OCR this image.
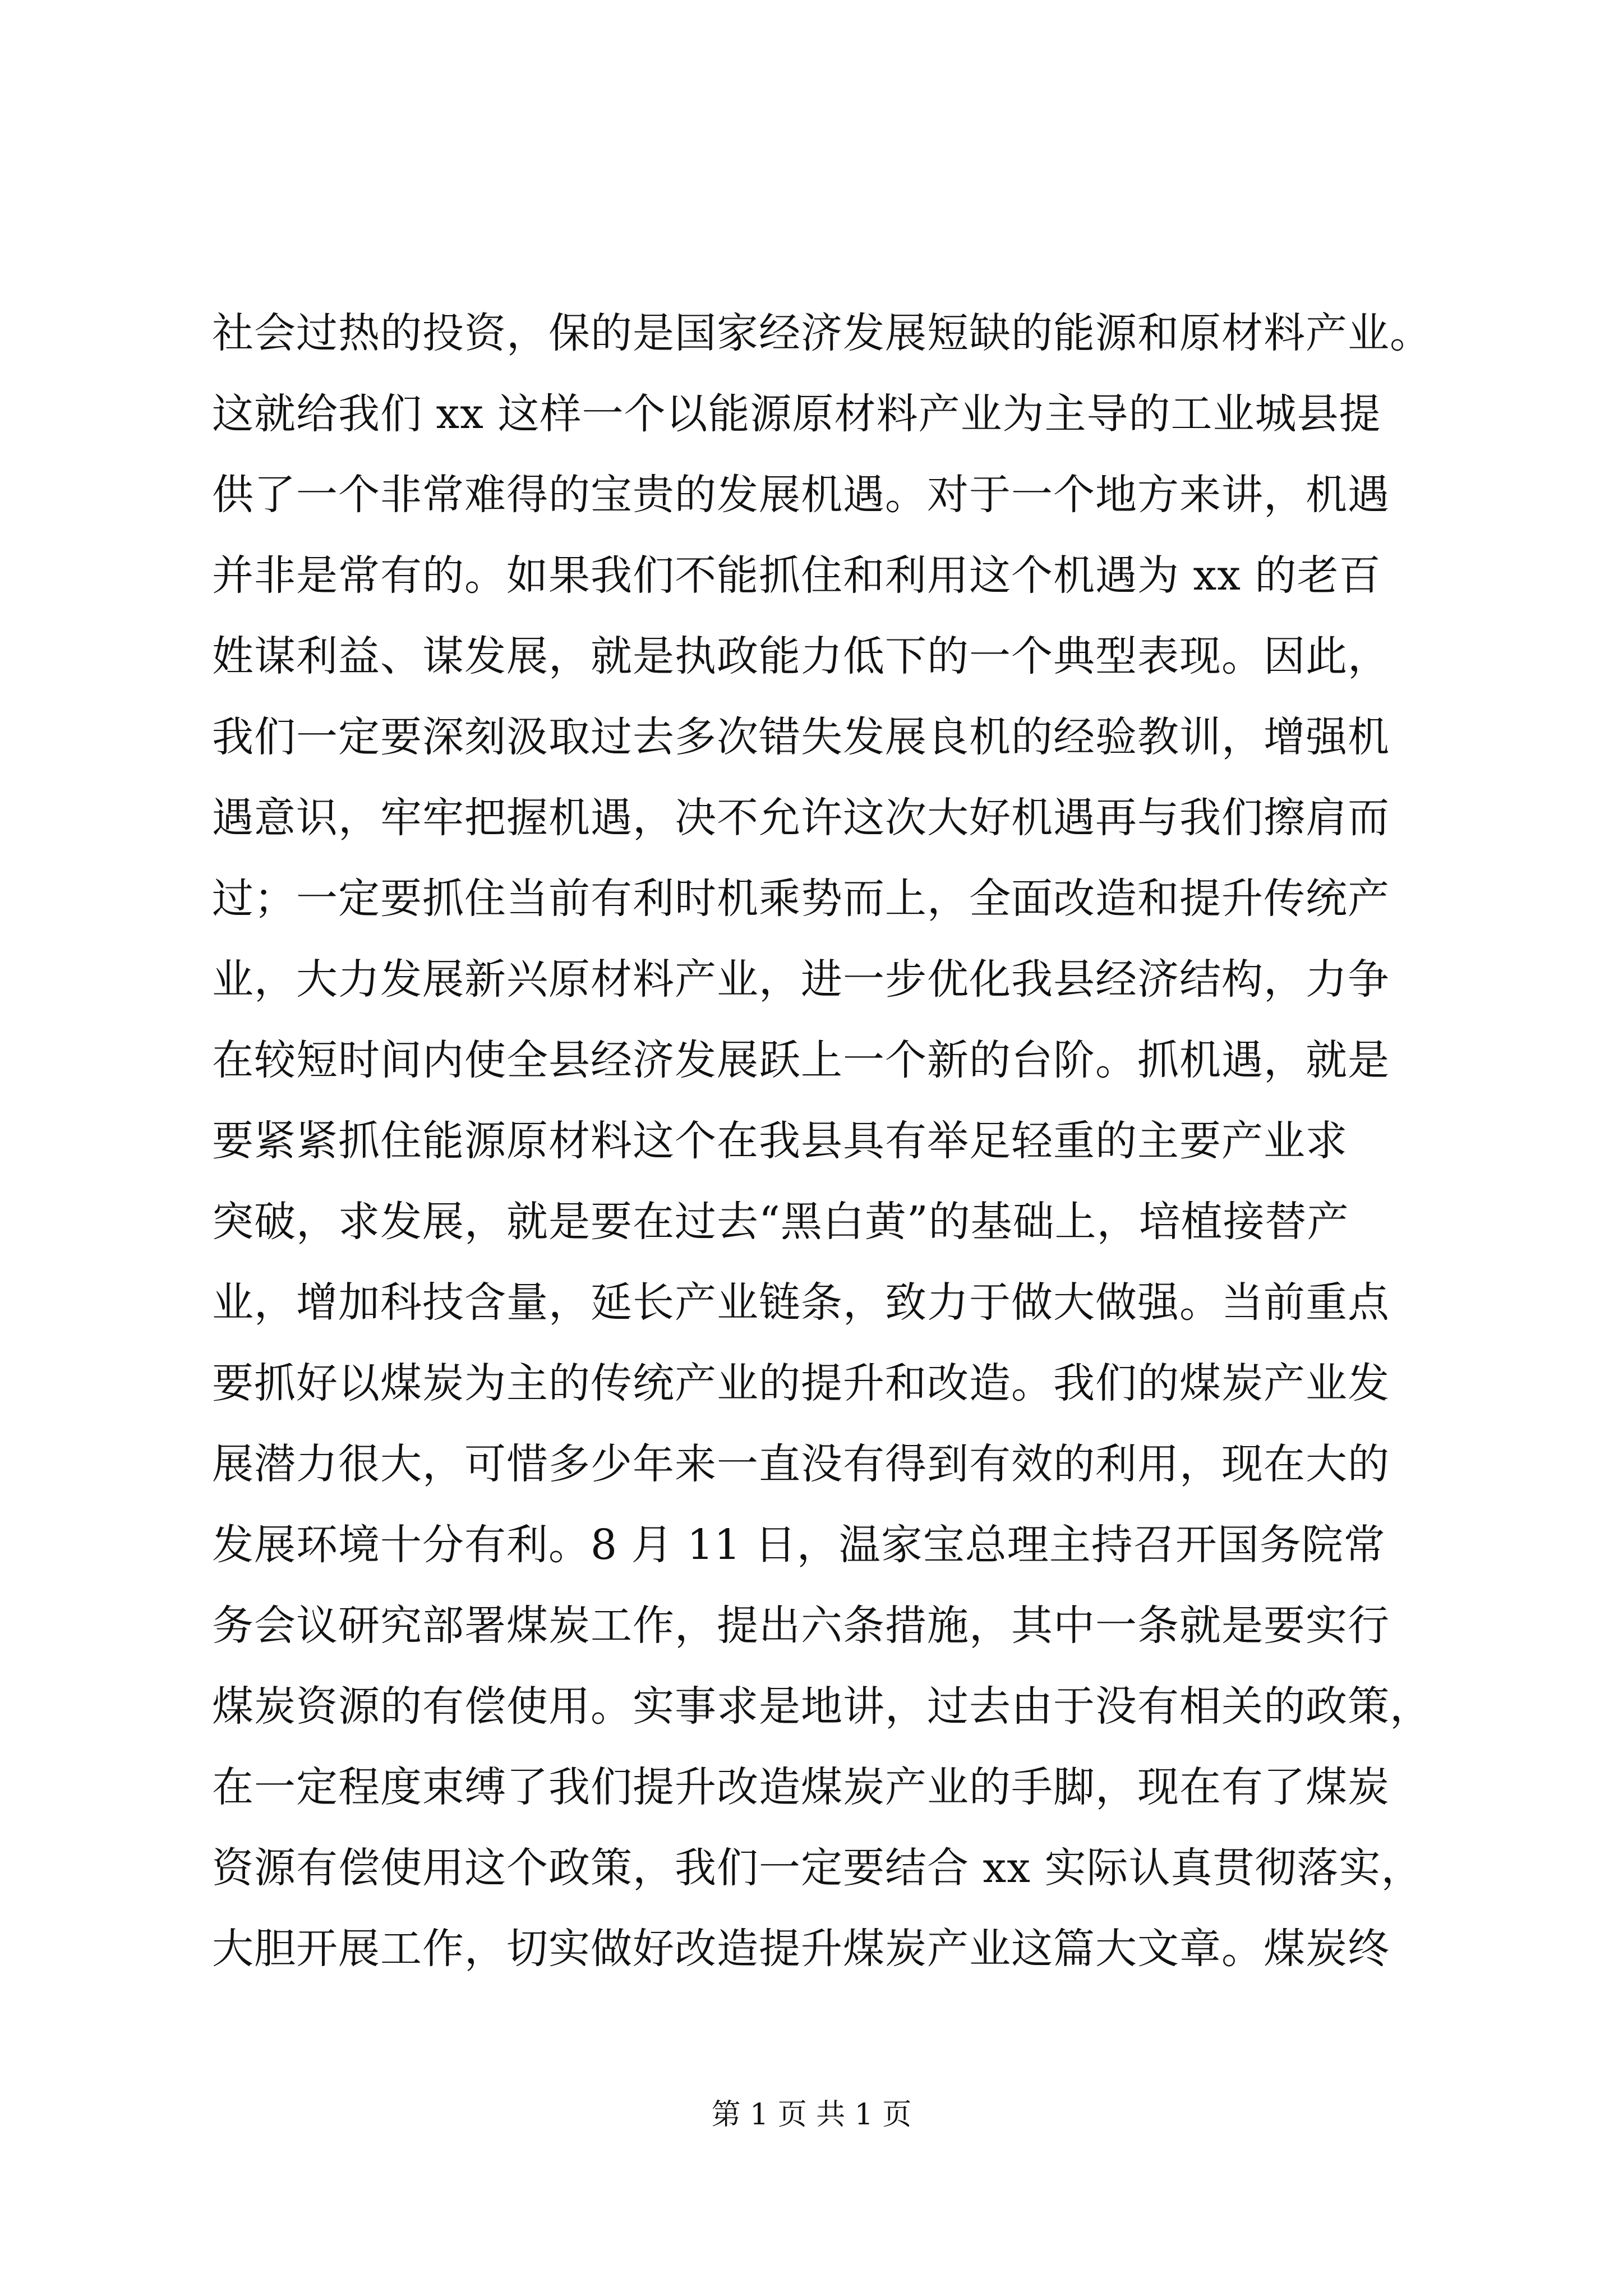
社会过热的投资，保的是国家经济发展短缺的能源和原材料产业。
这就给我们 xx 这样一个以能源原材料产业为主导的工业城县提
供了一个非常难得的宝贵的发展机遇。对于一个地方来讲，机遇
并非是常有的。如果我们不能抓住和利用这个机遇为 xx 的老百
姓谋利益、谋发展，就是执政能力低下的一个典型表现。因此，
我们一定要深刻汲取过去多次错失发展良机的经验教训，增强机
遇意识，牢牢把握机遇，决不允许这次大好机遇再与我们擦肩而
过；一定要抓住当前有利时机乘势而上，全面改造和提升传统产
业，大力发展新兴原材料产业，进一步优化我县经济结构，力争
在较短时间内使全县经济发展跃上一个新的台阶。抓机遇，就是
要紧紧抓住能源原材料这个在我县具有举足轻重的主要产业求
突破，求发展，就是要在过去“黑白黄”的基础上，培植接替产
业，增加科技含量，延长产业链条，致力于做大做强。当前重点
要抓好以煤炭为主的传统产业的提升和改造。我们的煤炭产业发
展潜力很大，可惜多少年来一直没有得到有效的利用，现在大的
发展环境十分有利。8 月 11 日，温家宝总理主持召开国务院常
务会议研究部署煤炭工作，提出六条措施，其中一条就是要实行
煤炭资源的有偿使用。实事求是地讲，过去由于没有相关的政策，
在一定程度束缚了我们提升改造煤炭产业的手脚，现在有了煤炭
资源有偿使用这个政策，我们一定要结合 xx 实际认真贯彻落实，
大胆开展工作，切实做好改造提升煤炭产业这篇大文章。煤炭终
第 1 页 共 1 页
